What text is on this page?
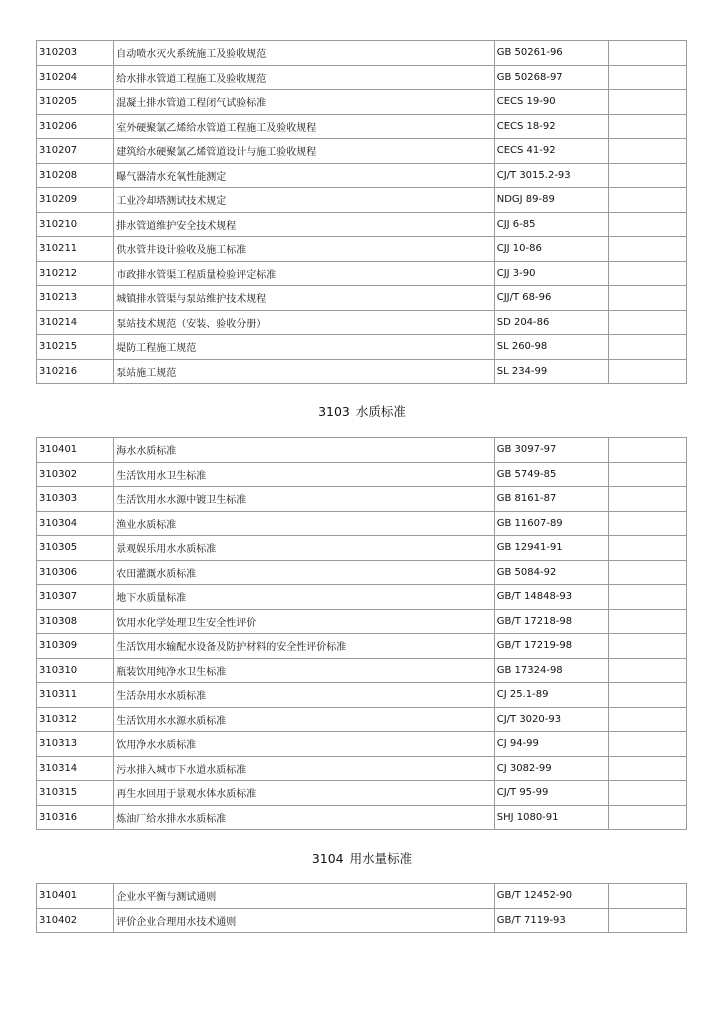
310203	自动喷水灭火系统施工及验收规范	GB 50261-96	
310204	给水排水管道工程施工及验收规范	GB 50268-97	
310205	混凝土排水管道工程闭气试验标准	CECS 19-90	
310206	室外硬聚氯乙烯给水管道工程施工及验收规程	CECS 18-92	
310207	建筑给水硬聚氯乙烯管道设计与施工验收规程	CECS 41-92	
310208	曝气器清水充氧性能测定	CJ/T 3015.2-93	
310209	工业冷却塔测试技术规定	NDGJ 89-89	
310210	排水管道维护安全技术规程	CJJ 6-85	
310211	供水管井设计验收及施工标准	CJJ 10-86	
310212	市政排水管渠工程质量检验评定标准	CJJ 3-90	
310213	城镇排水管渠与泵站维护技术规程	CJJ/T 68-96	
310214	泵站技术规范（安装、验收分册）	SD 204-86	
310215	堤防工程施工规范	SL 260-98	
310216	泵站施工规范	SL 234-99	
3103 水质标准
310401	海水水质标准	GB 3097-97	
310302	生活饮用水卫生标准	GB 5749-85	
310303	生活饮用水水源中镀卫生标准	GB 8161-87	
310304	渔业水质标准	GB 11607-89	
310305	景观娱乐用水水质标准	GB 12941-91	
310306	农田灌溉水质标准	GB 5084-92	
310307	地下水质量标准	GB/T 14848-93	
310308	饮用水化学处理卫生安全性评价	GB/T 17218-98	
310309	生活饮用水输配水设备及防护材料的安全性评价标准	GB/T 17219-98	
310310	瓶装饮用纯净水卫生标准	GB 17324-98	
310311	生活杂用水水质标准	CJ 25.1-89	
310312	生活饮用水水源水质标准	CJ/T 3020-93	
310313	饮用净水水质标准	CJ 94-99	
310314	污水排入城市下水道水质标准	CJ 3082-99	
310315	再生水回用于景观水体水质标准	CJ/T 95-99	
310316	炼油厂给水排水水质标准	SHJ 1080-91	
3104 用水量标准
310401	企业水平衡与测试通则	GB/T 12452-90	
310402	评价企业合理用水技术通则	GB/T 7119-93	
